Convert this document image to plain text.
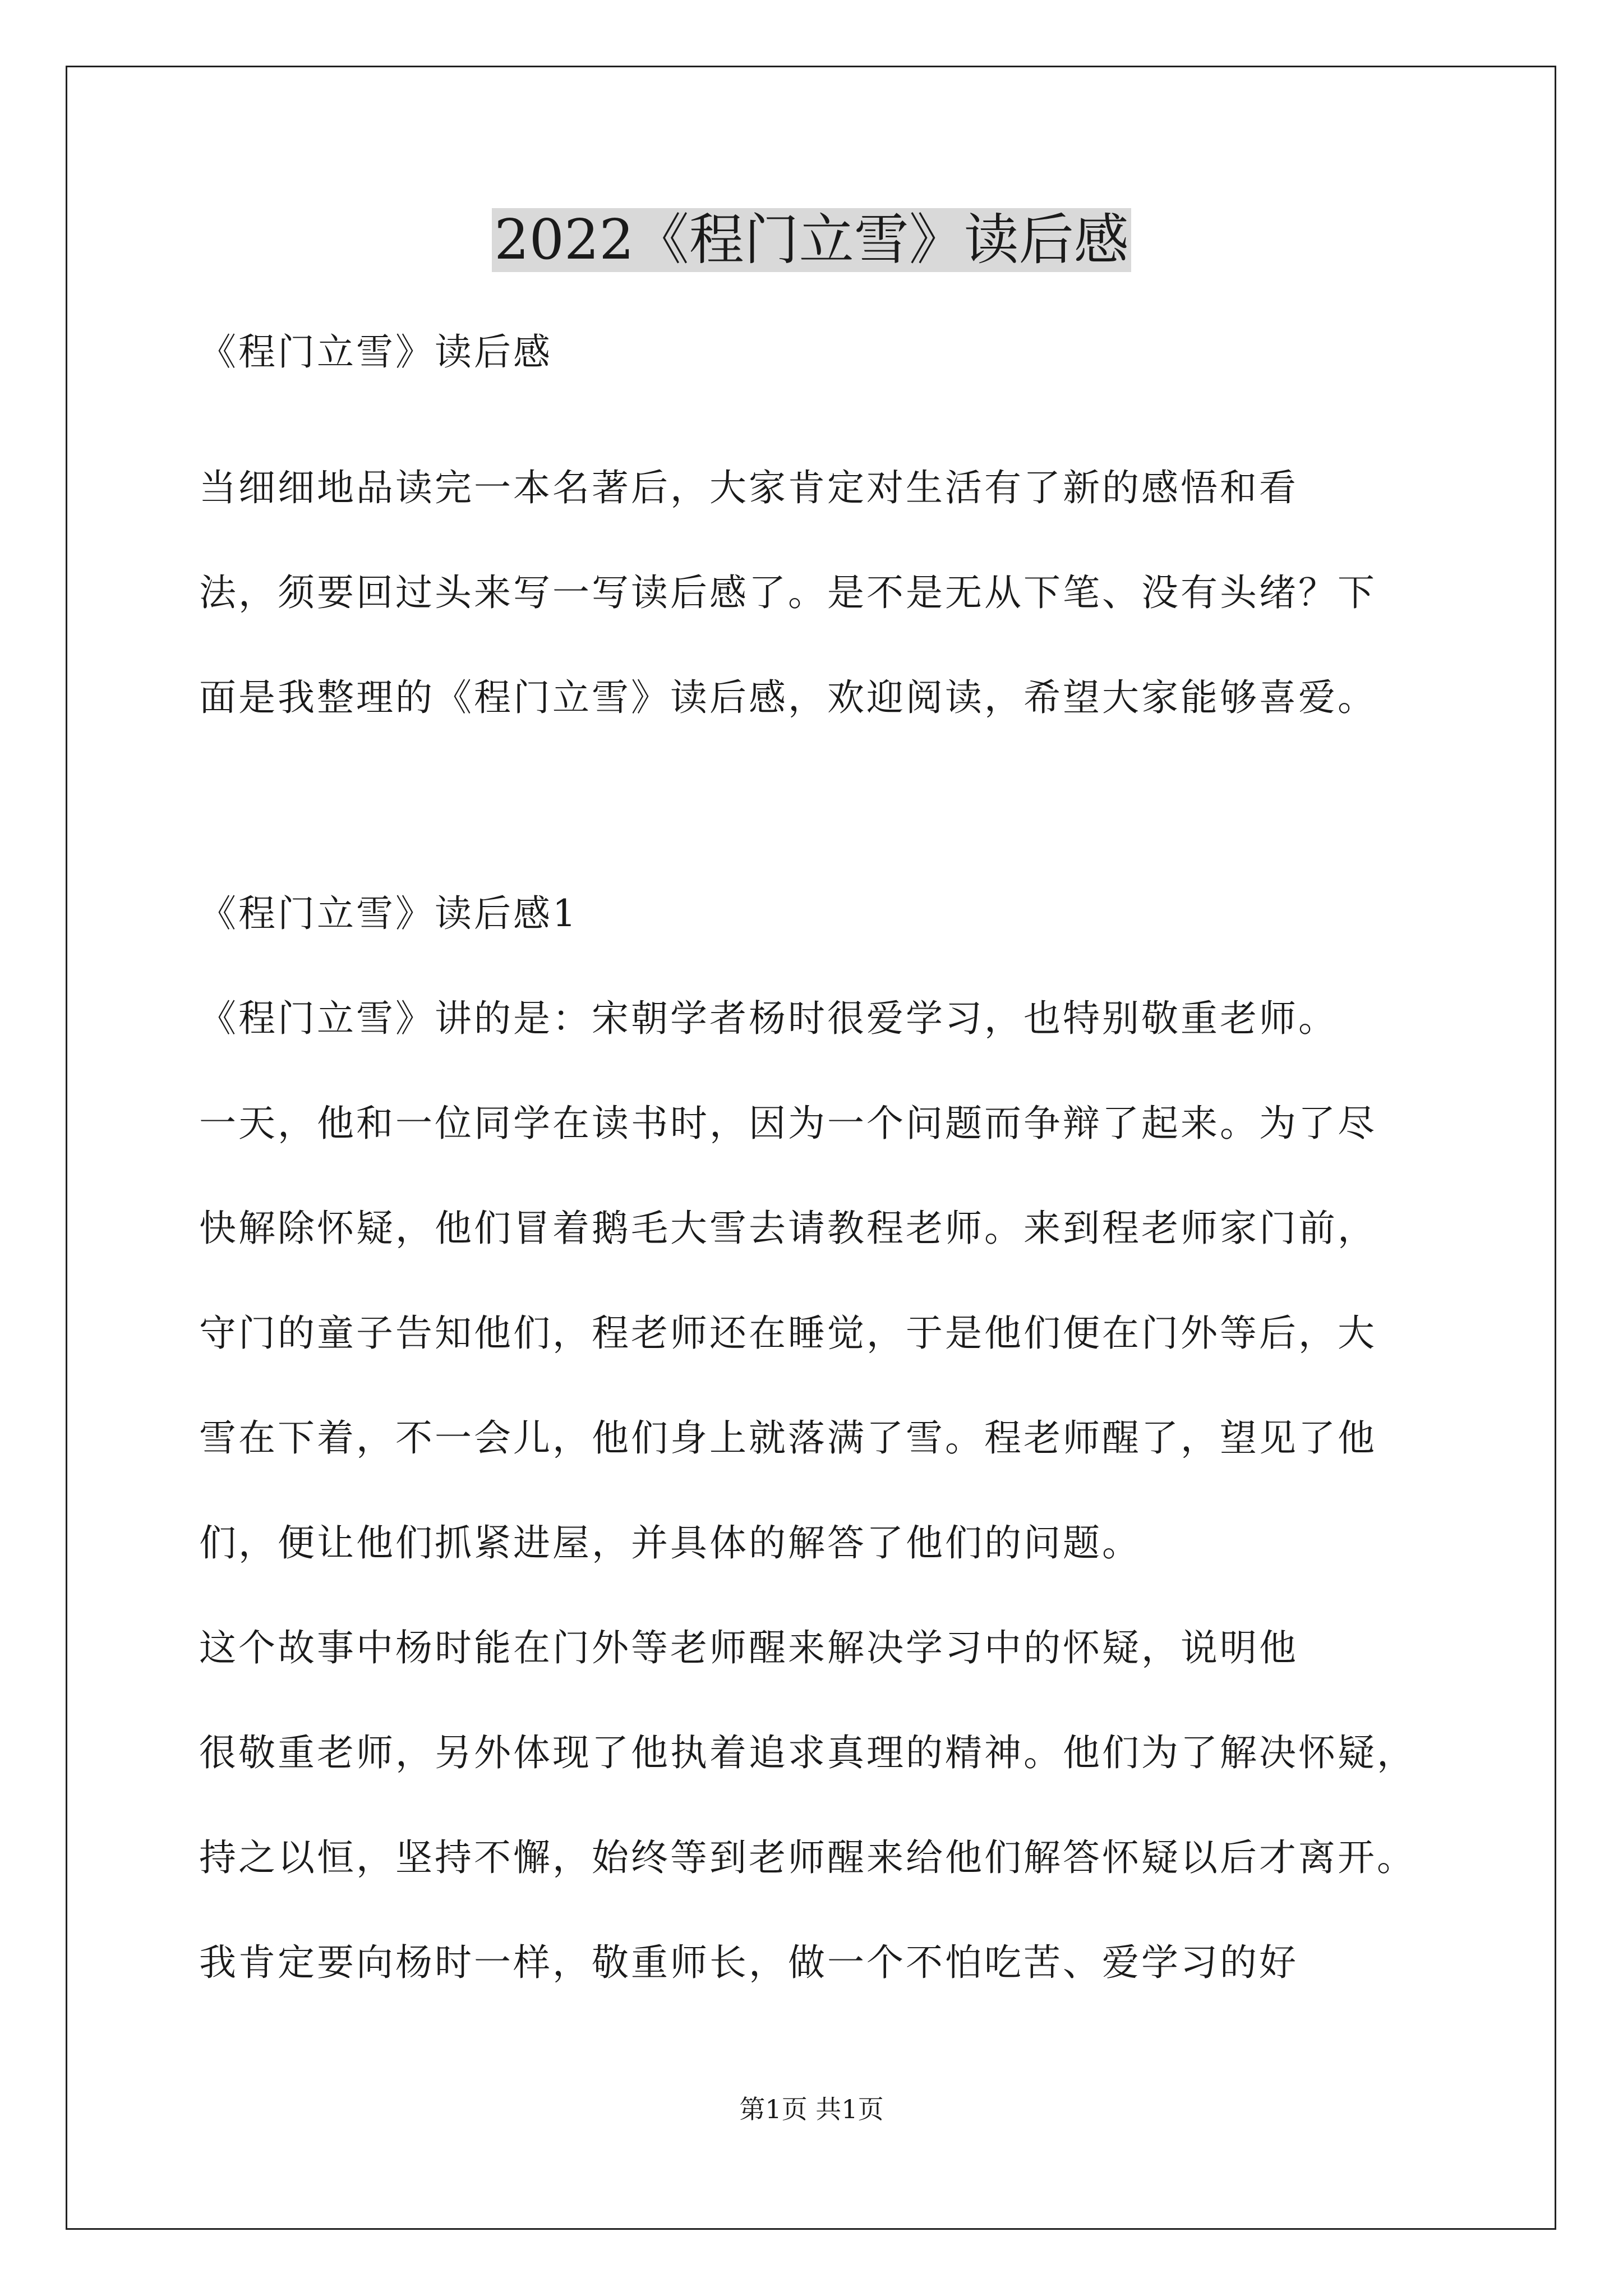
2022《程门立雪》读后感
《程门立雪》读后感
当细细地品读完一本名著后，大家肯定对生活有了新的感悟和看
法，须要回过头来写一写读后感了。是不是无从下笔、没有头绪？下
面是我整理的《程门立雪》读后感，欢迎阅读，希望大家能够喜爱。
《程门立雪》读后感1
《程门立雪》讲的是：宋朝学者杨时很爱学习，也特别敬重老师。
一天，他和一位同学在读书时，因为一个问题而争辩了起来。为了尽
快解除怀疑，他们冒着鹅毛大雪去请教程老师。来到程老师家门前，
守门的童子告知他们，程老师还在睡觉，于是他们便在门外等后，大
雪在下着，不一会儿，他们身上就落满了雪。程老师醒了，望见了他
们，便让他们抓紧进屋，并具体的解答了他们的问题。
这个故事中杨时能在门外等老师醒来解决学习中的怀疑，说明他
很敬重老师，另外体现了他执着追求真理的精神。他们为了解决怀疑，
持之以恒，坚持不懈，始终等到老师醒来给他们解答怀疑以后才离开。
我肯定要向杨时一样，敬重师长，做一个不怕吃苦、爱学习的好
第1页 共1页
